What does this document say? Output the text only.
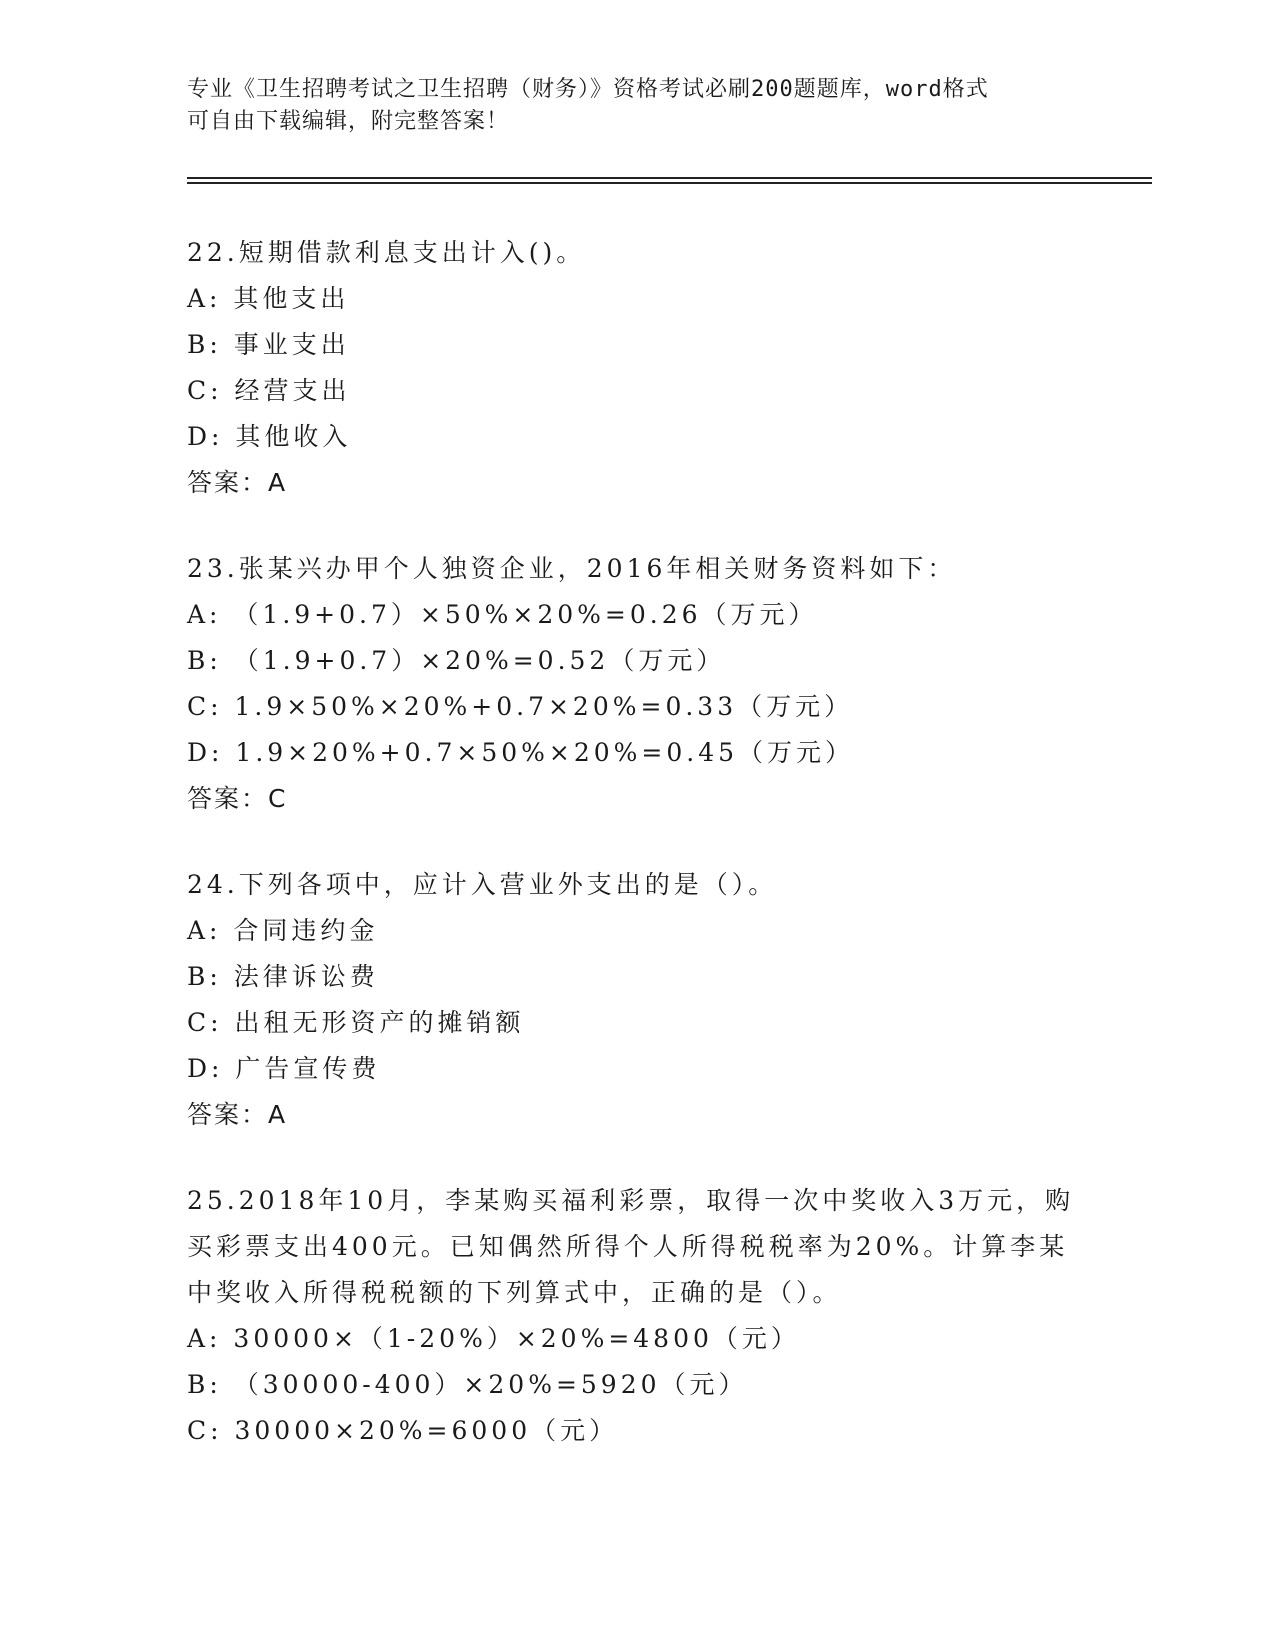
专业《卫生招聘考试之卫生招聘（财务）》资格考试必刷200题题库，word格式
可自由下载编辑，附完整答案！
22.短期借款利息支出计入()。
A: 其他支出
B: 事业支出
C: 经营支出
D: 其他收入
答案：A
23.张某兴办甲个人独资企业，2016年相关财务资料如下：
A: （1.9+0.7）×50%×20%=0.26（万元）
B: （1.9+0.7）×20%=0.52（万元）
C: 1.9×50%×20%+0.7×20%=0.33（万元）
D: 1.9×20%+0.7×50%×20%=0.45（万元）
答案：C
24.下列各项中，应计入营业外支出的是（）。
A: 合同违约金
B: 法律诉讼费
C: 出租无形资产的摊销额
D: 广告宣传费
答案：A
25.2018年10月，李某购买福利彩票，取得一次中奖收入3万元，购买彩票支出400元。已知偶然所得个人所得税税率为20%。计算李某中奖收入所得税税额的下列算式中，正确的是（）。
A: 30000×（1-20%）×20%=4800（元）
B: （30000-400）×20%=5920（元）
C: 30000×20%=6000（元）
